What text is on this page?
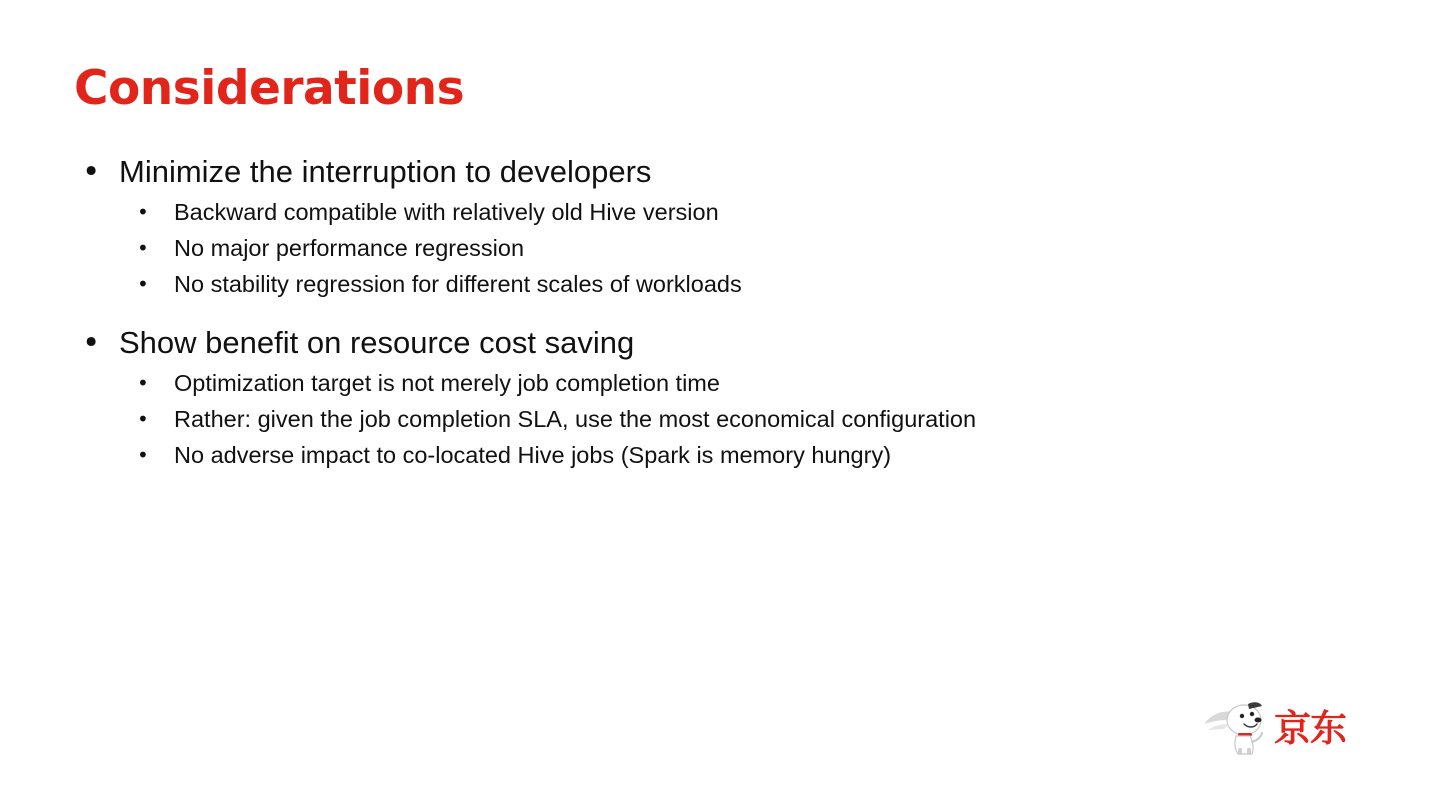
Considerations
• Minimize the interruption to developers
• Backward compatible with relatively old Hive version
• No major performance regression
• No stability regression for different scales of workloads
• Show benefit on resource cost saving
• Optimization target is not merely job completion time
• Rather: given the job completion SLA, use the most economical configuration
• No adverse impact to co-located Hive jobs (Spark is memory hungry)
京东
